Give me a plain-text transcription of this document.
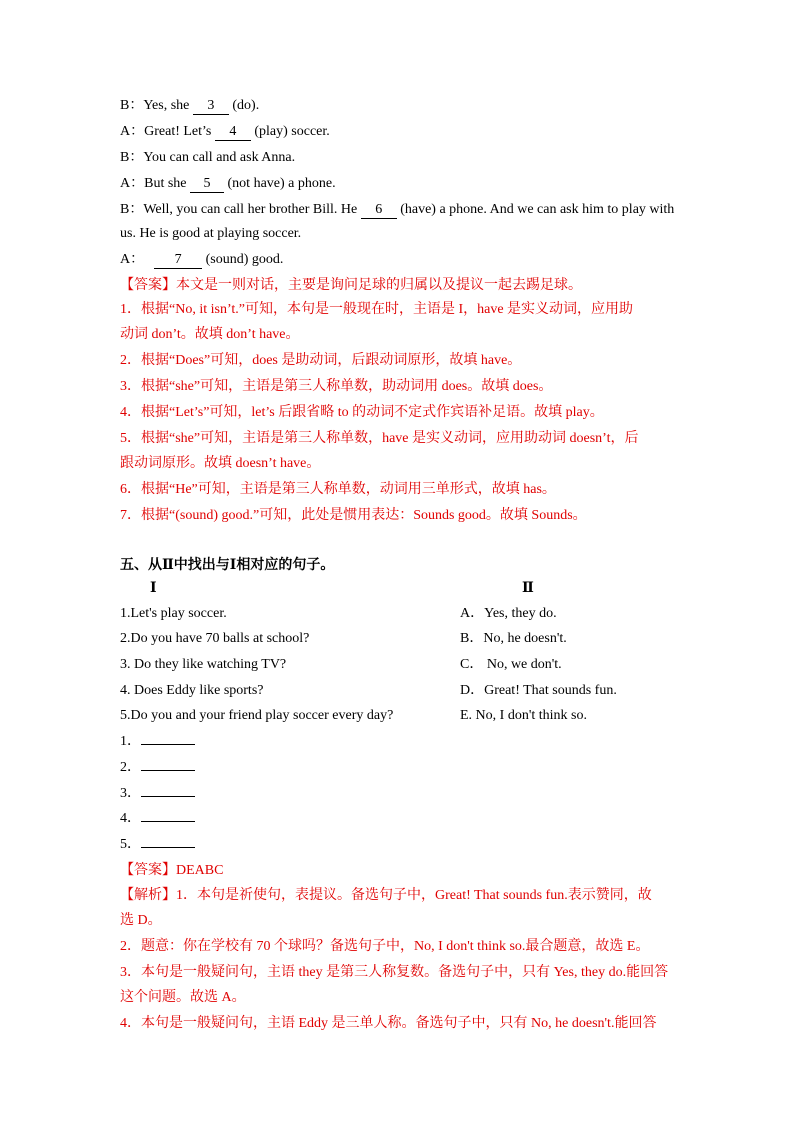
B：Yes, she 3 (do).
A：Great! Let’s 4 (play) soccer.
B：You can call and ask Anna.
A：But she 5 (not have) a phone.
B：Well, you can call her brother Bill. He 6 (have) a phone. And we can ask him to play with
us. He is good at playing soccer.
A： 7 (sound) good.
【答案】本文是一则对话，主要是询问足球的归属以及提议一起去踢足球。
1．根据“No, it isn’t.”可知，本句是一般现在时，主语是 I，have 是实义动词，应用助
动词 don’t。故填 don’t have。
2．根据“Does”可知，does 是助动词，后跟动词原形，故填 have。
3．根据“she”可知，主语是第三人称单数，助动词用 does。故填 does。
4．根据“Let’s”可知，let’s 后跟省略 to 的动词不定式作宾语补足语。故填 play。
5．根据“she”可知，主语是第三人称单数，have 是实义动词，应用助动词 doesn’t，后
跟动词原形。故填 doesn’t have。
6．根据“He”可知，主语是第三人称单数，动词用三单形式，故填 has。
7．根据“(sound) good.”可知，此处是惯用表达：Sounds good。故填 Sounds。
五、从Ⅱ中找出与Ⅰ相对应的句子。
Ⅰ	Ⅱ
1.Let's play soccer.
2.Do you have 70 balls at school?
3. Do they like watching TV?
4. Does Eddy like sports?
5.Do you and your friend play soccer every day?
A．Yes, they do.
B．No, he doesn't.
C． No, we don't.
D．Great! That sounds fun.
E. No, I don't think so.
1．
2．
3．
4．
5．
【答案】DEABC
【解析】1．本句是祈使句，表提议。备选句子中，Great! That sounds fun.表示赞同，故
选 D。
2．题意：你在学校有 70 个球吗？备选句子中，No, I don't think so.最合题意，故选 E。
3．本句是一般疑问句，主语 they 是第三人称复数。备选句子中，只有 Yes, they do.能回答
这个问题。故选 A。
4．本句是一般疑问句，主语 Eddy 是三单人称。备选句子中，只有 No, he doesn't.能回答
